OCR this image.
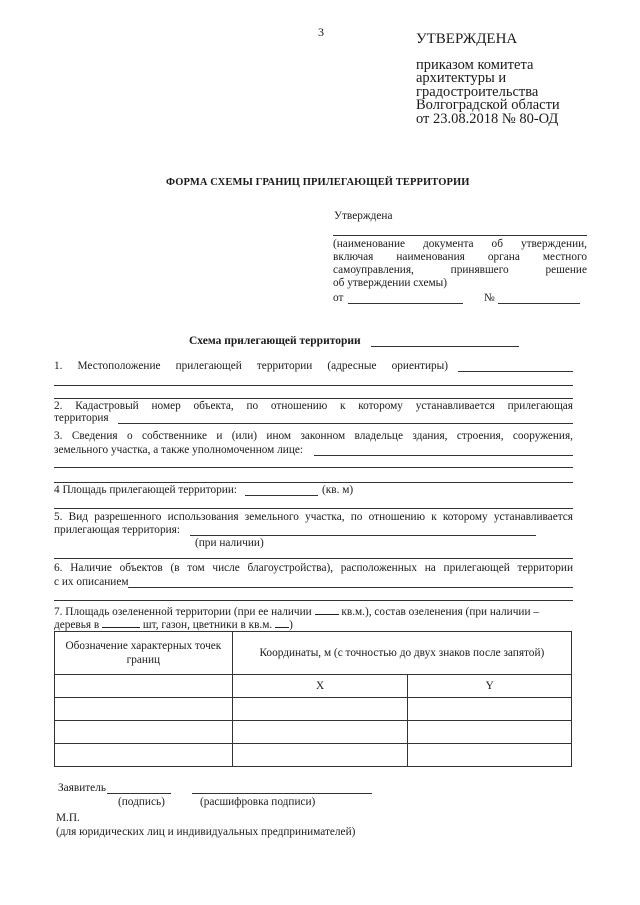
3	УТВЕРЖДЕНА
приказом комитета
архитектуры и
градостроительства
Волгоградской области
от 23.08.2018 № 80-ОД
ФОРМА СХЕМЫ ГРАНИЦ ПРИЛЕГАЮЩЕЙ ТЕРРИТОРИИ
Утверждена
(наименование документа об утверждении,
включая наименования органа местного
самоуправления, принявшего решение
об утверждении схемы)
от	№
Схема прилегающей территории
1. Местоположение прилегающей территории (адресные ориентиры)
2. Кадастровый номер объекта, по отношению к которому устанавливается прилегающая
территория
3. Сведения о собственнике и (или) ином законном владельце здания, строения, сооружения,
земельного участка, а также уполномоченном лице:
4 Площадь прилегающей территории:	(кв. м)
5. Вид разрешенного использования земельного участка, по отношению к которому устанавливается
прилегающая территория:
(при наличии)
6. Наличие объектов (в том числе благоустройства), расположенных на прилегающей территории
с их описанием
7. Площадь озелененной территории (при ее наличии	кв.м.), состав озеленения (при наличии –
деревья в	шт, газон, цветники в кв.м. )
Обозначение характерных точек границ	Координаты, м (с точностью до двух знаков после запятой)	

	X	Y

Заявитель
(подпись)	(расшифровка подписи)
М.П.
(для юридических лиц и индивидуальных предпринимателей)
